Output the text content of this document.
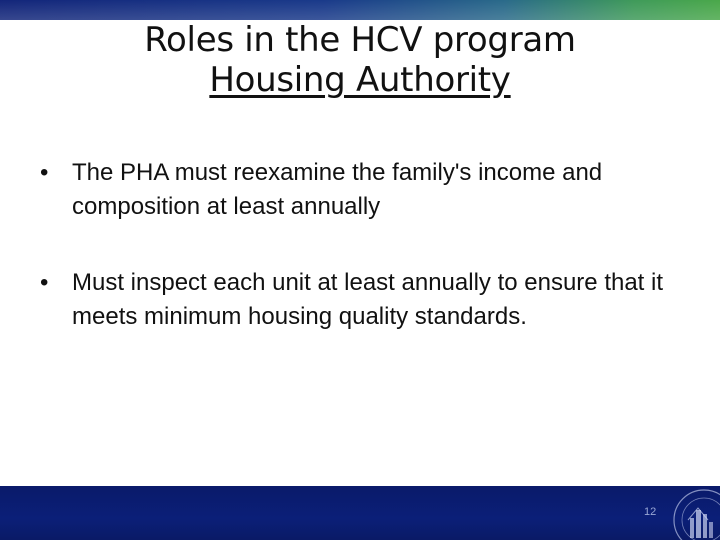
Roles in the HCV program
Housing Authority
• The PHA must reexamine the family's income and composition at least annually
• Must inspect each unit at least annually to ensure that it meets minimum housing quality standards.
12
